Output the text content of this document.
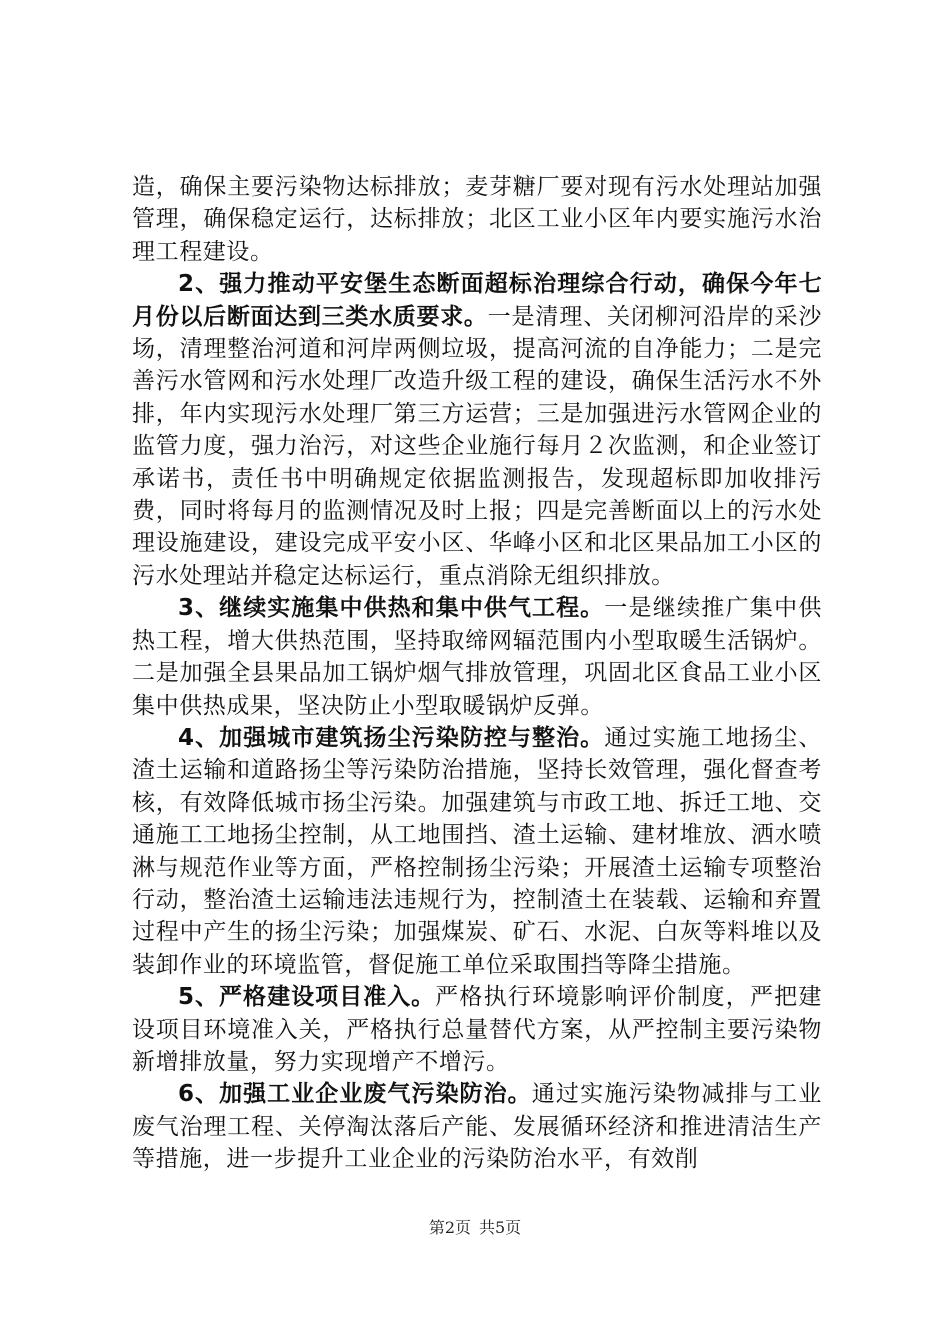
造，确保主要污染物达标排放；麦芽糖厂要对现有污水处理站加强管理，确保稳定运行，达标排放；北区工业小区年内要实施污水治理工程建设。

2、强力推动平安堡生态断面超标治理综合行动，确保今年七月份以后断面达到三类水质要求。一是清理、关闭柳河沿岸的采沙场，清理整治河道和河岸两侧垃圾，提高河流的自净能力；二是完善污水管网和污水处理厂改造升级工程的建设，确保生活污水不外排，年内实现污水处理厂第三方运营；三是加强进污水管网企业的监管力度，强力治污，对这些企业施行每月２次监测，和企业签订承诺书，责任书中明确规定依据监测报告，发现超标即加收排污费，同时将每月的监测情况及时上报；四是完善断面以上的污水处理设施建设，建设完成平安小区、华峰小区和北区果品加工小区的污水处理站并稳定达标运行，重点消除无组织排放。

3、继续实施集中供热和集中供气工程。一是继续推广集中供热工程，增大供热范围，坚持取缔网辐范围内小型取暖生活锅炉。二是加强全县果品加工锅炉烟气排放管理，巩固北区食品工业小区集中供热成果，坚决防止小型取暖锅炉反弹。

4、加强城市建筑扬尘污染防控与整治。通过实施工地扬尘、渣土运输和道路扬尘等污染防治措施，坚持长效管理，强化督查考核，有效降低城市扬尘污染。加强建筑与市政工地、拆迁工地、交通施工工地扬尘控制，从工地围挡、渣土运输、建材堆放、洒水喷淋与规范作业等方面，严格控制扬尘污染；开展渣土运输专项整治行动，整治渣土运输违法违规行为，控制渣土在装载、运输和弃置过程中产生的扬尘污染；加强煤炭、矿石、水泥、白灰等料堆以及装卸作业的环境监管，督促施工单位采取围挡等降尘措施。

5、严格建设项目准入。严格执行环境影响评价制度，严把建设项目环境准入关，严格执行总量替代方案，从严控制主要污染物新增排放量，努力实现增产不增污。

6、加强工业企业废气污染防治。通过实施污染物减排与工业废气治理工程、关停淘汰落后产能、发展循环经济和推进清洁生产等措施，进一步提升工业企业的污染防治水平，有效削

第2页 共5页
